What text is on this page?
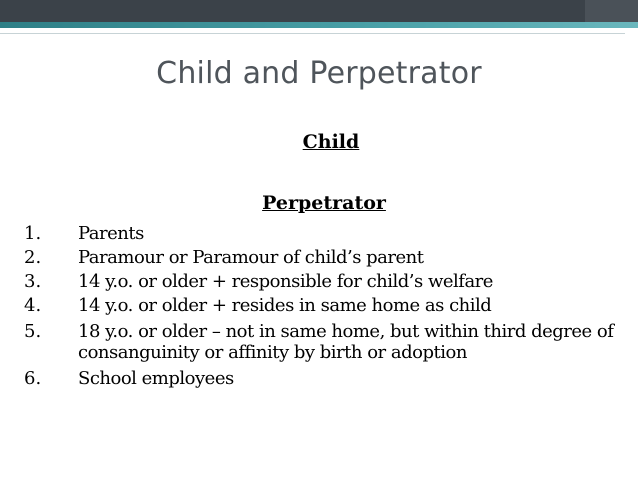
Child and Perpetrator
Child
Perpetrator
1. Parents
2. Paramour or Paramour of child’s parent
3. 14 y.o. or older + responsible for child’s welfare
4. 14 y.o. or older + resides in same home as child
5. 18 y.o. or older – not in same home, but within third degree of consanguinity or affinity by birth or adoption
6. School employees
